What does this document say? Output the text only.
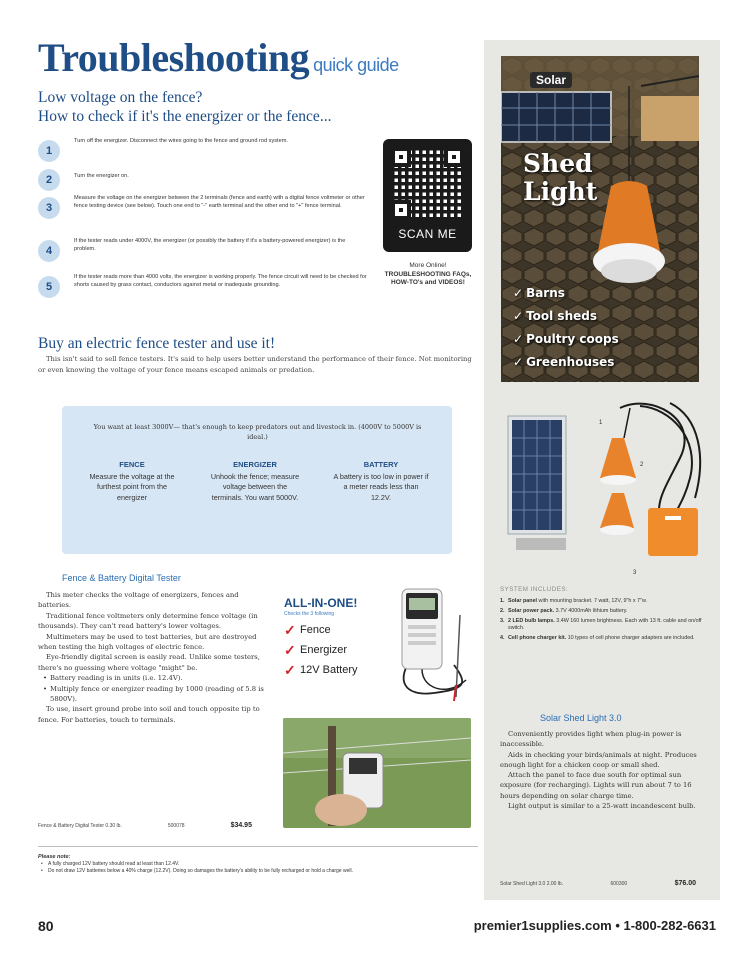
Troubleshooting quick guide
Low voltage on the fence?
How to check if it's the energizer or the fence...
1
Turn off the energizer. Disconnect the wires going to the fence and ground rod system.
2	Turn the energizer on.
3
Measure the voltage on the energizer between the 2 terminals (fence and earth) with a digital fence voltmeter or other fence testing device (see below). Touch one end to "-" earth terminal and the other end to "+" fence terminal.
4
If the tester reads under 4000V, the energizer (or possibly the battery if it's a battery-powered energizer) is the problem.
5
If the tester reads more than 4000 volts, the energizer is working properly. The fence circuit will need to be checked for shorts caused by grass contact, conductors against metal or inadequate grounding.
SCAN ME
More Online!
TROUBLESHOOTING FAQs, HOW-TO's and VIDEOS!
Buy an electric fence tester and use it!
This isn't said to sell fence testers. It's said to help users better understand the performance of their fence. Not monitoring or even knowing the voltage of your fence means escaped animals or predation.
You want at least 3000V— that's enough to keep predators out and livestock in. (4000V to 5000V is ideal.)
FENCE
Measure the voltage at the furthest point from the energizer
ENERGIZER
Unhook the fence; measure voltage between the terminals. You want 5000V.
BATTERY
A battery is too low in power if a meter reads less than 12.2V.
Fence & Battery Digital Tester

This meter checks the voltage of energizers, fences and batteries.

Traditional fence voltmeters only determine fence voltage (in thousands). They can't read battery's lower voltages.

Multimeters may be used to test batteries, but are destroyed when testing the high voltages of electric fence.

Eye-friendly digital screen is easily read. Unlike some testers, there's no guessing where voltage "might" be.

• Battery reading is in units (i.e. 12.4V).
• Multiply fence or energizer reading by 1000 (reading of 5.8 is 5800V).

To use, insert ground probe into soil and touch opposite tip to fence. For batteries, touch to terminals.

Fence & Battery Digital Tester 0.30 lb.	500078	$34.95
ALL-IN-ONE!
Checks the 3 following
✓ Fence
✓ Energizer
✓ 12V Battery
Please note:
• A fully charged 12V battery should read at least than 12.4V.
• Do not draw 12V batteries below a 40% charge (12.2V). Doing so damages the battery's ability to be fully recharged or hold a charge well.
80	premier1supplies.com • 1-800-282-6631
Solar
Shed
Light
✓ Barns
✓ Tool sheds
✓ Poultry coops
✓ Greenhouses
1
2
3
SYSTEM INCLUDES:
1. Solar panel with mounting bracket. 7 watt, 12V, 9"h x 7"w.
2. Solar power pack. 3.7V 4000mAh lithium battery.
3. 2 LED bulb lamps. 3.4W 160 lumen brightness. Each with 13 ft. cable and on/off switch.
4. Cell phone charger kit. 10 types of cell phone charger adapters are included.
Solar Shed Light 3.0

Conveniently provides light when plug-in power is inaccessible.

Aids in checking your birds/animals at night. Produces enough light for a chicken coop or small shed.

Attach the panel to face due south for optimal sun exposure (for recharging). Lights will run about 7 to 16 hours depending on solar charge time.

Light output is similar to a 25-watt incandescent bulb.

Solar Shed Light 3.0 2.00 lb.	600300	$76.00
